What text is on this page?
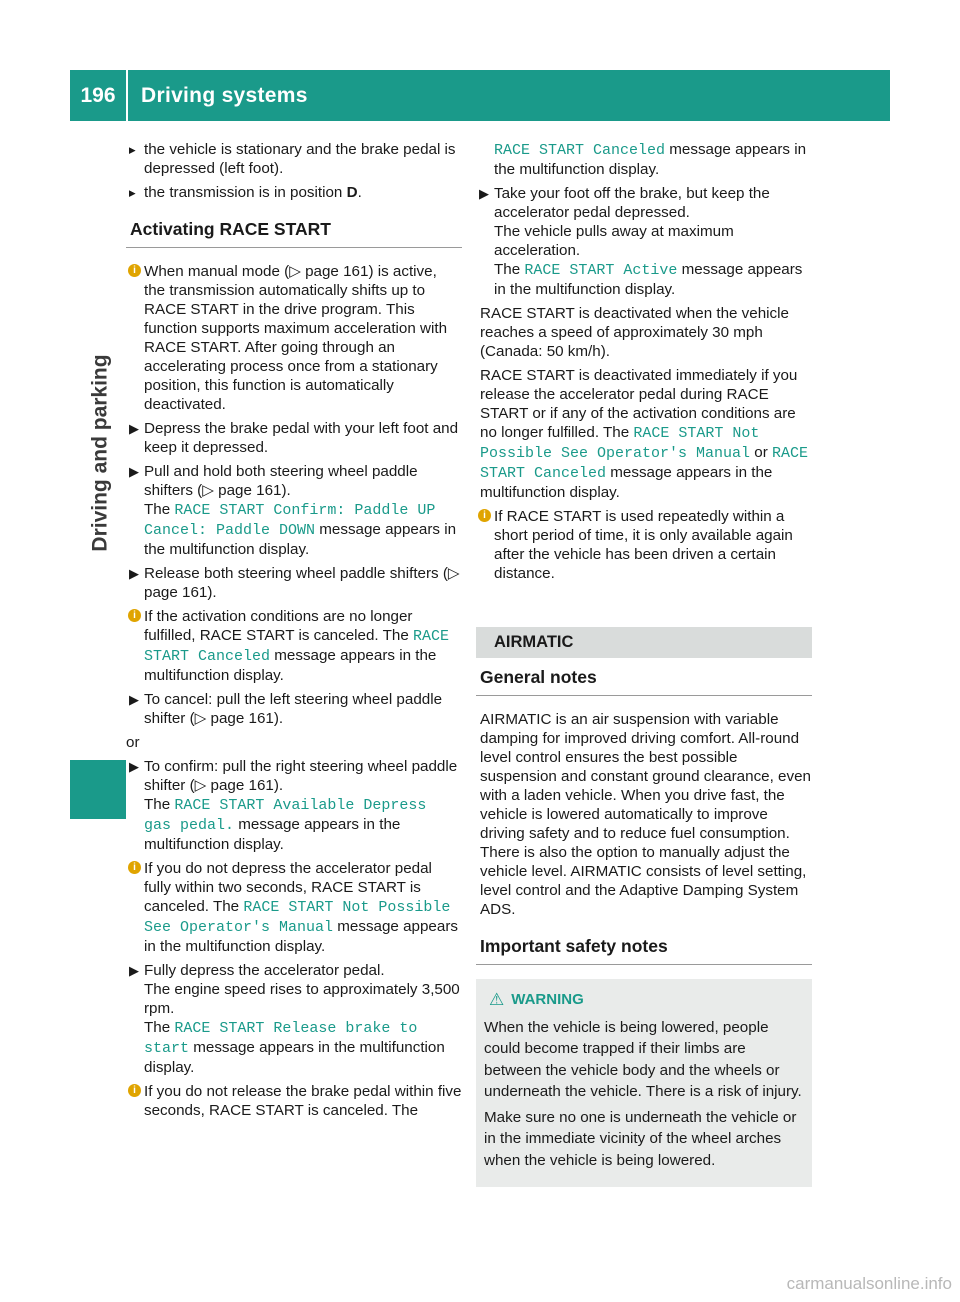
196	Driving systems
Driving and parking
▸ ▸ the vehicle is stationary and the brake pedal is depressed (left foot).
▸ ▸ the transmission is in position D.
Activating RACE START
i When manual mode (▷ page 161) is active, the transmission automatically shifts up to RACE START in the drive program. This function supports maximum acceleration with RACE START. After going through an accelerating process once from a stationary position, this function is automatically deactivated.
▶ Depress the brake pedal with your left foot and keep it depressed.
▶ Pull and hold both steering wheel paddle shifters (▷ page 161).
The RACE START Confirm: Paddle UP Cancel: Paddle DOWN message appears in the multifunction display.
▶ Release both steering wheel paddle shifters (▷ page 161).
i If the activation conditions are no longer fulfilled, RACE START is canceled. The RACE START Canceled message appears in the multifunction display.
▶ To cancel: pull the left steering wheel paddle shifter (▷ page 161).
or
▶ To confirm: pull the right steering wheel paddle shifter (▷ page 161).
The RACE START Available Depress gas pedal. message appears in the multifunction display.
i If you do not depress the accelerator pedal fully within two seconds, RACE START is canceled. The RACE START Not Possible See Operator's Manual message appears in the multifunction display.
▶ Fully depress the accelerator pedal.
The engine speed rises to approximately 3,500 rpm.
The RACE START Release brake to start message appears in the multifunction display.
i If you do not release the brake pedal within five seconds, RACE START is canceled. The
RACE START Canceled message appears in the multifunction display.
▶ Take your foot off the brake, but keep the accelerator pedal depressed.
The vehicle pulls away at maximum acceleration.
The RACE START Active message appears in the multifunction display.
RACE START is deactivated when the vehicle reaches a speed of approximately 30 mph (Canada: 50 km/h).
RACE START is deactivated immediately if you release the accelerator pedal during RACE START or if any of the activation conditions are no longer fulfilled. The RACE START Not Possible See Operator's Manual or RACE START Canceled message appears in the multifunction display.
i If RACE START is used repeatedly within a short period of time, it is only available again after the vehicle has been driven a certain distance.
AIRMATIC
General notes
AIRMATIC is an air suspension with variable damping for improved driving comfort. All-round level control ensures the best possible suspension and constant ground clearance, even with a laden vehicle. When you drive fast, the vehicle is lowered automatically to improve driving safety and to reduce fuel consumption. There is also the option to manually adjust the vehicle level. AIRMATIC consists of level setting, level control and the Adaptive Damping System ADS.
Important safety notes
⚠ WARNING

When the vehicle is being lowered, people could become trapped if their limbs are between the vehicle body and the wheels or underneath the vehicle. There is a risk of injury.

Make sure no one is underneath the vehicle or in the immediate vicinity of the wheel arches when the vehicle is being lowered.

carmanualsonline.info
